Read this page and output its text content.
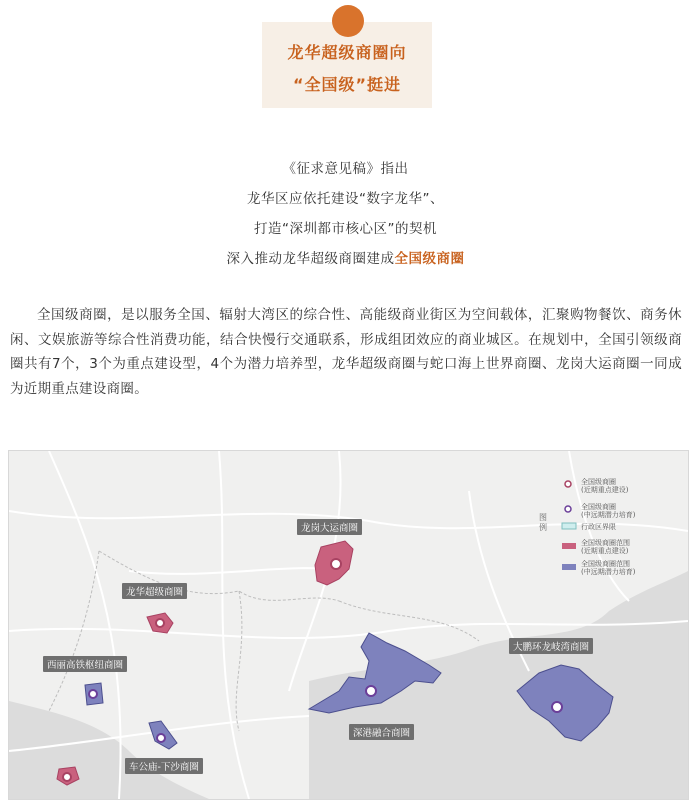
龙华超级商圈向
“全国级”挺进
《征求意见稿》指出
龙华区应依托建设“数字龙华”、
打造“深圳都市核心区”的契机
深入推动龙华超级商圈建成全国级商圈
全国级商圈，是以服务全国、辐射大湾区的综合性、高能级商业街区为空间载体，汇聚购物餐饮、商务休闲、文娱旅游等综合性消费功能，结合快慢行交通联系，形成组团效应的商业城区。在规划中，全国引领级商圈共有7个，3个为重点建设型，4个为潜力培养型，龙华超级商圈与蛇口海上世界商圈、龙岗大运商圈一同成为近期重点建设商圈。
图例
全国级商圈
(近期重点建设)
全国级商圈
(中远期潜力培育)
行政区界限
全国级商圈范围
(近期重点建设)
全国级商圈范围
(中远期潜力培育)
龙岗大运商圈
龙华超级商圈
西丽高铁枢纽商圈
深港融合商圈
大鹏环龙岐湾商圈
车公庙-下沙商圈
